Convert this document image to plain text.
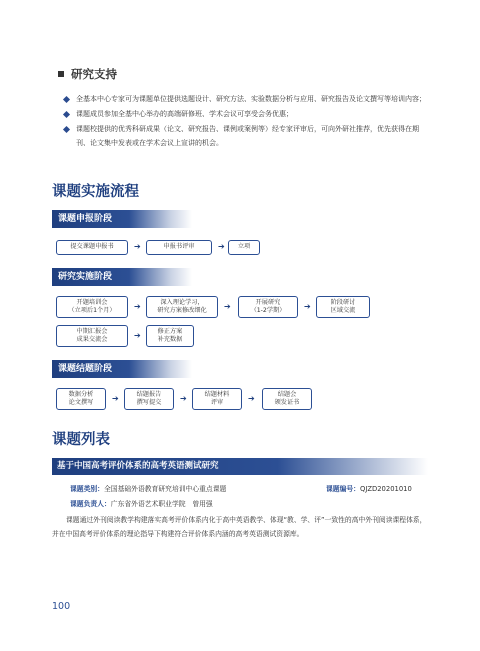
研究支持
全基本中心专家可为课题单位提供选题设计、研究方法、实验数据分析与应用、研究报告及论文撰写等培训内容；
课题成员参加全基中心举办的高端研修班、学术会议可享受会务优惠；
课题校提供的优秀科研成果（论文、研究报告、课例或案例等）经专家评审后，可向外研社推荐，优先获得在期刊、论文集中发表或在学术会议上宣讲的机会。
课题实施流程
课题申报阶段
提交课题申报书	➔	申报书评审	➔ 立项
研究实施阶段
开题培训会
（立项后1个月） ➔	深入理论学习，
研究方案修改细化 ➔	开展研究
（1-2学期） ➔	阶段研讨
区域交流
中期汇报会
成果交流会	➔	修正方案
补充数据
课题结题阶段
数据分析
论文撰写 ➔	结题报告
撰写提交 ➔	结题材料
评审	➔	结题会
颁发证书
课题列表
基于中国高考评价体系的高考英语测试研究
课题类别：全国基础外语教育研究培训中心重点课题	课题编号：QJZD20201010
课题负责人：广东省外语艺术职业学院　曾用强
课题通过外刊阅读教学构建落实高考评价体系内化于高中英语教学、体现“教、学、评”一致性的高中外刊阅读课程体系，并在中国高考评价体系的理论指导下构建符合评价体系内涵的高考英语测试资源库。
100
